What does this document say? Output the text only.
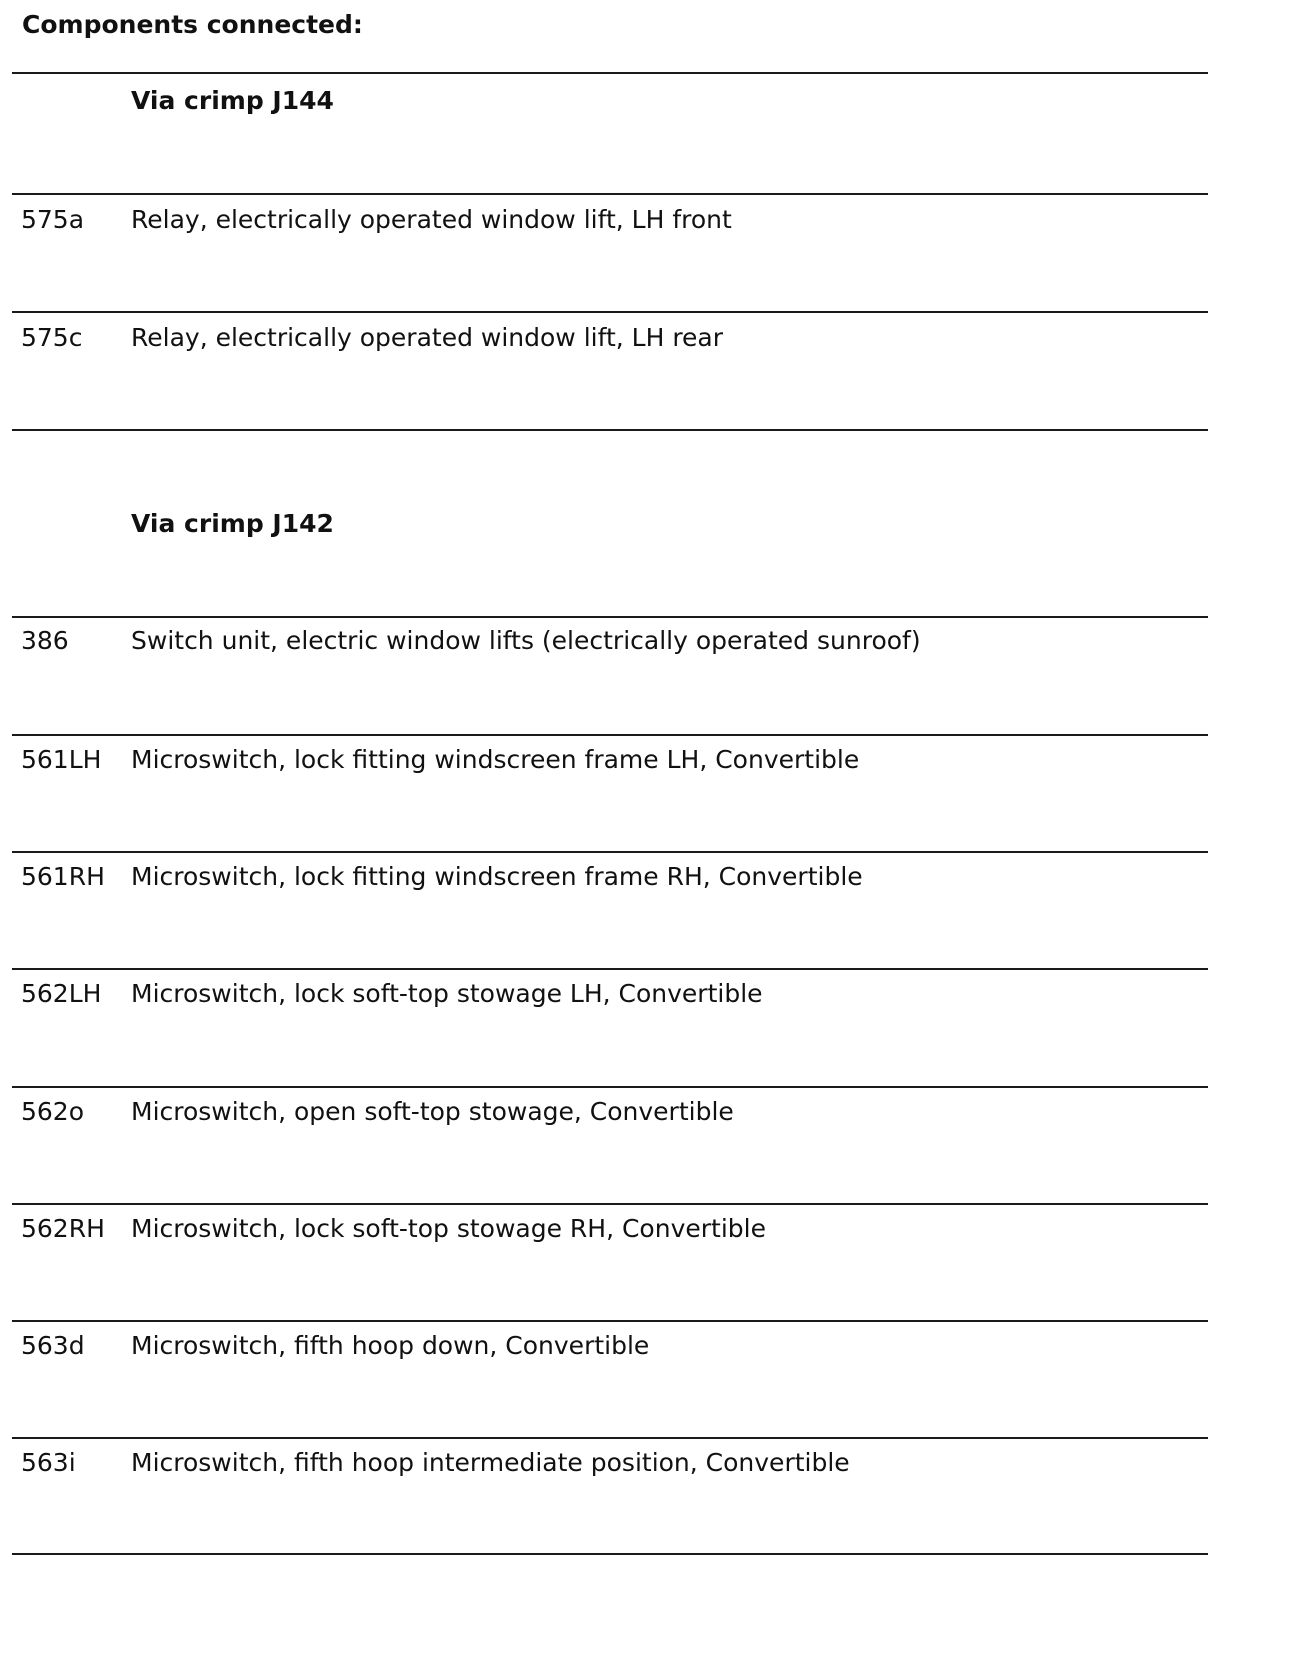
Components connected:
Via crimp J144
575a Relay, electrically operated window lift, LH front
575c Relay, electrically operated window lift, LH rear
Via crimp J142
386 Switch unit, electric window lifts (electrically operated sunroof)
561LH Microswitch, lock fitting windscreen frame LH, Convertible
561RH Microswitch, lock fitting windscreen frame RH, Convertible
562LH Microswitch, lock soft-top stowage LH, Convertible
562o Microswitch, open soft-top stowage, Convertible
562RH Microswitch, lock soft-top stowage RH, Convertible
563d Microswitch, fifth hoop down, Convertible
563i Microswitch, fifth hoop intermediate position, Convertible
